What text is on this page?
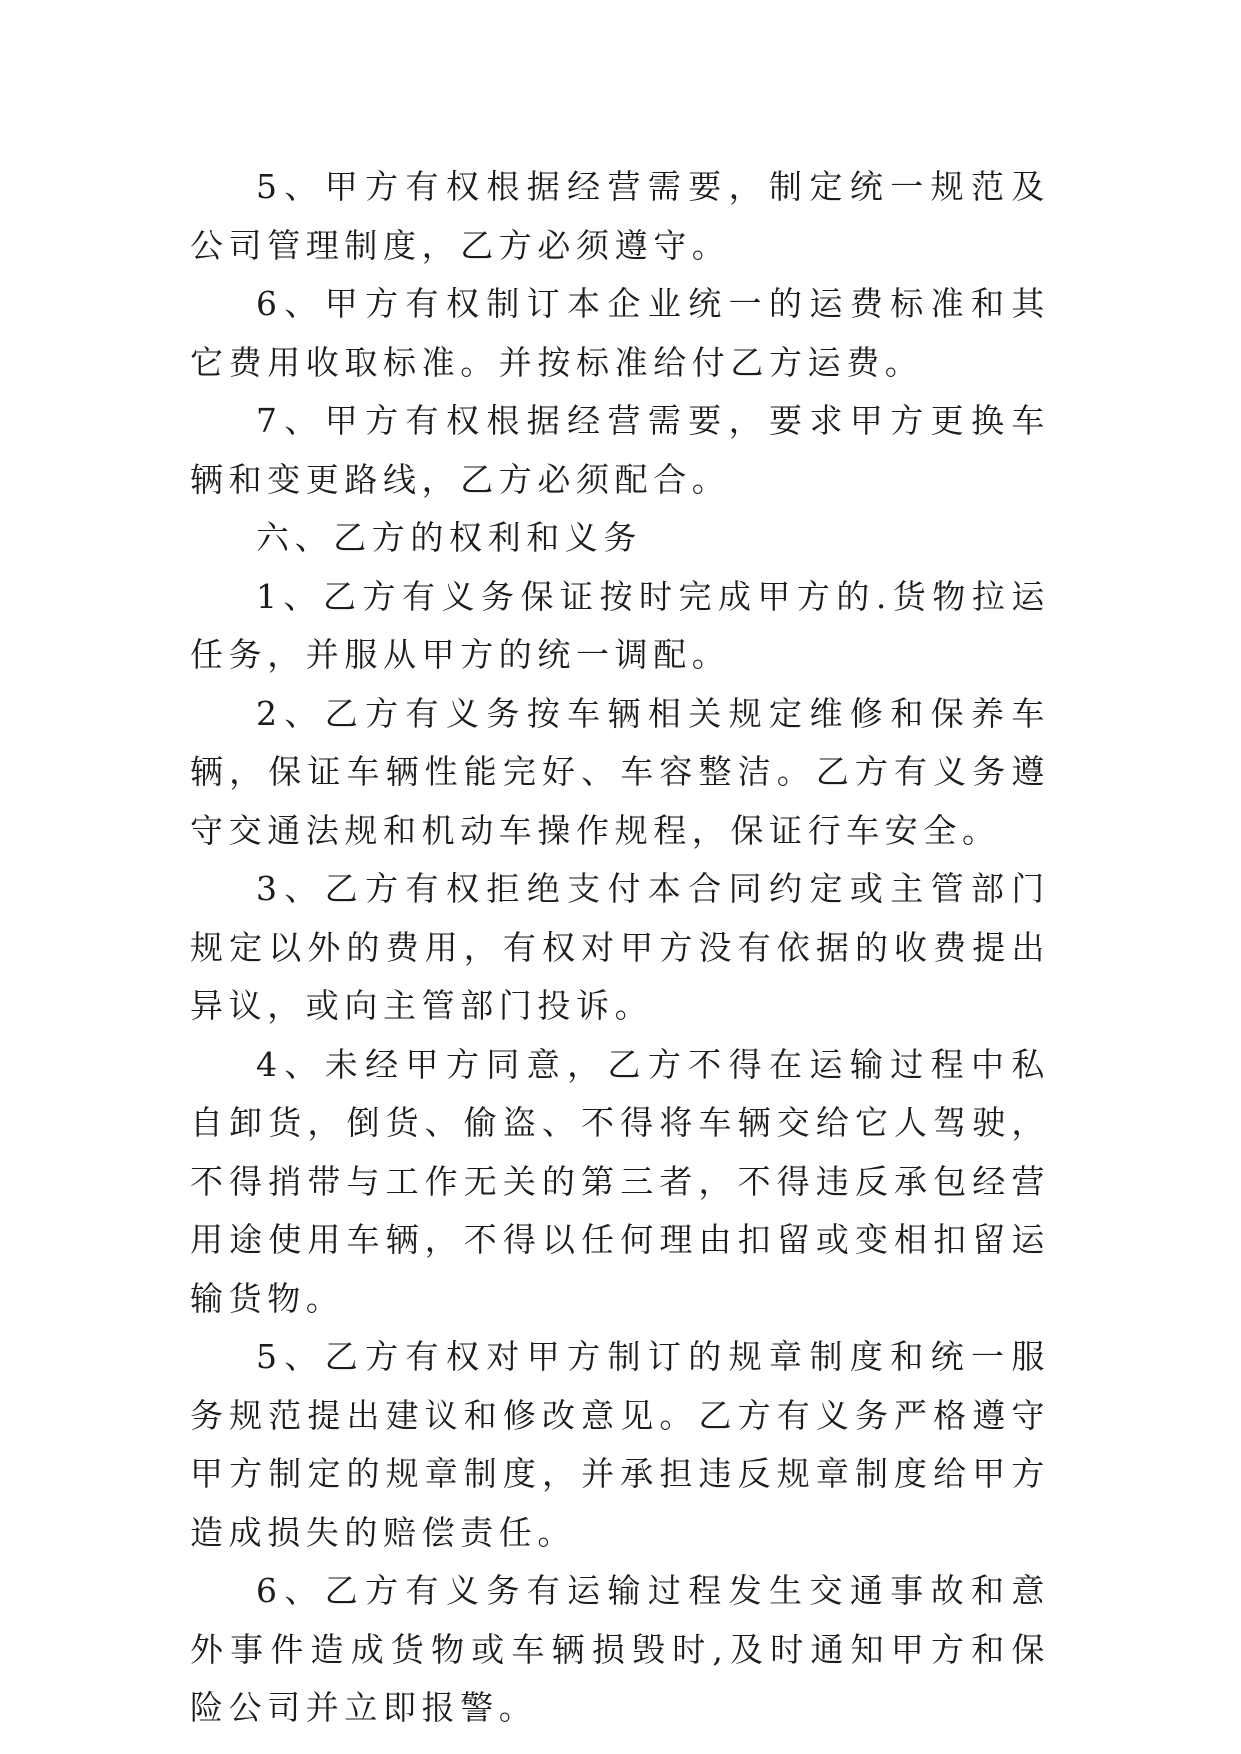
5、甲方有权根据经营需要，制定统一规范及公司管理制度，乙方必须遵守。

6、甲方有权制订本企业统一的运费标准和其它费用收取标准。并按标准给付乙方运费。

7、甲方有权根据经营需要，要求甲方更换车辆和变更路线，乙方必须配合。

六、乙方的权利和义务

1、乙方有义务保证按时完成甲方的.货物拉运任务，并服从甲方的统一调配。

2、乙方有义务按车辆相关规定维修和保养车辆，保证车辆性能完好、车容整洁。乙方有义务遵守交通法规和机动车操作规程，保证行车安全。

3、乙方有权拒绝支付本合同约定或主管部门规定以外的费用，有权对甲方没有依据的收费提出异议，或向主管部门投诉。

4、未经甲方同意，乙方不得在运输过程中私自卸货，倒货、偷盗、不得将车辆交给它人驾驶，不得捎带与工作无关的第三者，不得违反承包经营用途使用车辆，不得以任何理由扣留或变相扣留运输货物。

5、乙方有权对甲方制订的规章制度和统一服务规范提出建议和修改意见。乙方有义务严格遵守甲方制定的规章制度，并承担违反规章制度给甲方造成损失的赔偿责任。

6、乙方有义务有运输过程发生交通事故和意外事件造成货物或车辆损毁时,及时通知甲方和保险公司并立即报警。
